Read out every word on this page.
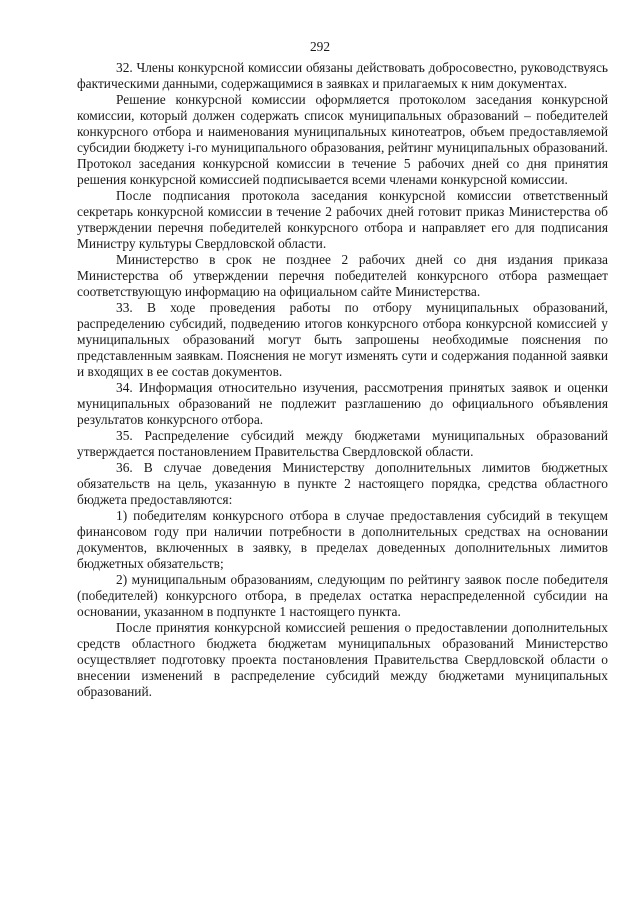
292

32. Члены конкурсной комиссии обязаны действовать добросовестно, руководствуясь фактическими данными, содержащимися в заявках и прилагаемых к ним документах.

Решение конкурсной комиссии оформляется протоколом заседания конкурсной комиссии, который должен содержать список муниципальных образований – победителей конкурсного отбора и наименования муниципальных кинотеатров, объем предоставляемой субсидии бюджету i-го муниципального образования, рейтинг муниципальных образований. Протокол заседания конкурсной комиссии в течение 5 рабочих дней со дня принятия решения конкурсной комиссией подписывается всеми членами конкурсной комиссии.

После подписания протокола заседания конкурсной комиссии ответственный секретарь конкурсной комиссии в течение 2 рабочих дней готовит приказ Министерства об утверждении перечня победителей конкурсного отбора и направляет его для подписания Министру культуры Свердловской области.

Министерство в срок не позднее 2 рабочих дней со дня издания приказа Министерства об утверждении перечня победителей конкурсного отбора размещает соответствующую информацию на официальном сайте Министерства.

33. В ходе проведения работы по отбору муниципальных образований, распределению субсидий, подведению итогов конкурсного отбора конкурсной комиссией у муниципальных образований могут быть запрошены необходимые пояснения по представленным заявкам. Пояснения не могут изменять сути и содержания поданной заявки и входящих в ее состав документов.

34. Информация относительно изучения, рассмотрения принятых заявок и оценки муниципальных образований не подлежит разглашению до официального объявления результатов конкурсного отбора.

35. Распределение субсидий между бюджетами муниципальных образований утверждается постановлением Правительства Свердловской области.

36. В случае доведения Министерству дополнительных лимитов бюджетных обязательств на цель, указанную в пункте 2 настоящего порядка, средства областного бюджета предоставляются:

1) победителям конкурсного отбора в случае предоставления субсидий в текущем финансовом году при наличии потребности в дополнительных средствах на основании документов, включенных в заявку, в пределах доведенных дополнительных лимитов бюджетных обязательств;

2) муниципальным образованиям, следующим по рейтингу заявок после победителя (победителей) конкурсного отбора, в пределах остатка нераспределенной субсидии на основании, указанном в подпункте 1 настоящего пункта.

После принятия конкурсной комиссией решения о предоставлении дополнительных средств областного бюджета бюджетам муниципальных образований Министерство осуществляет подготовку проекта постановления Правительства Свердловской области о внесении изменений в распределение субсидий между бюджетами муниципальных образований.
